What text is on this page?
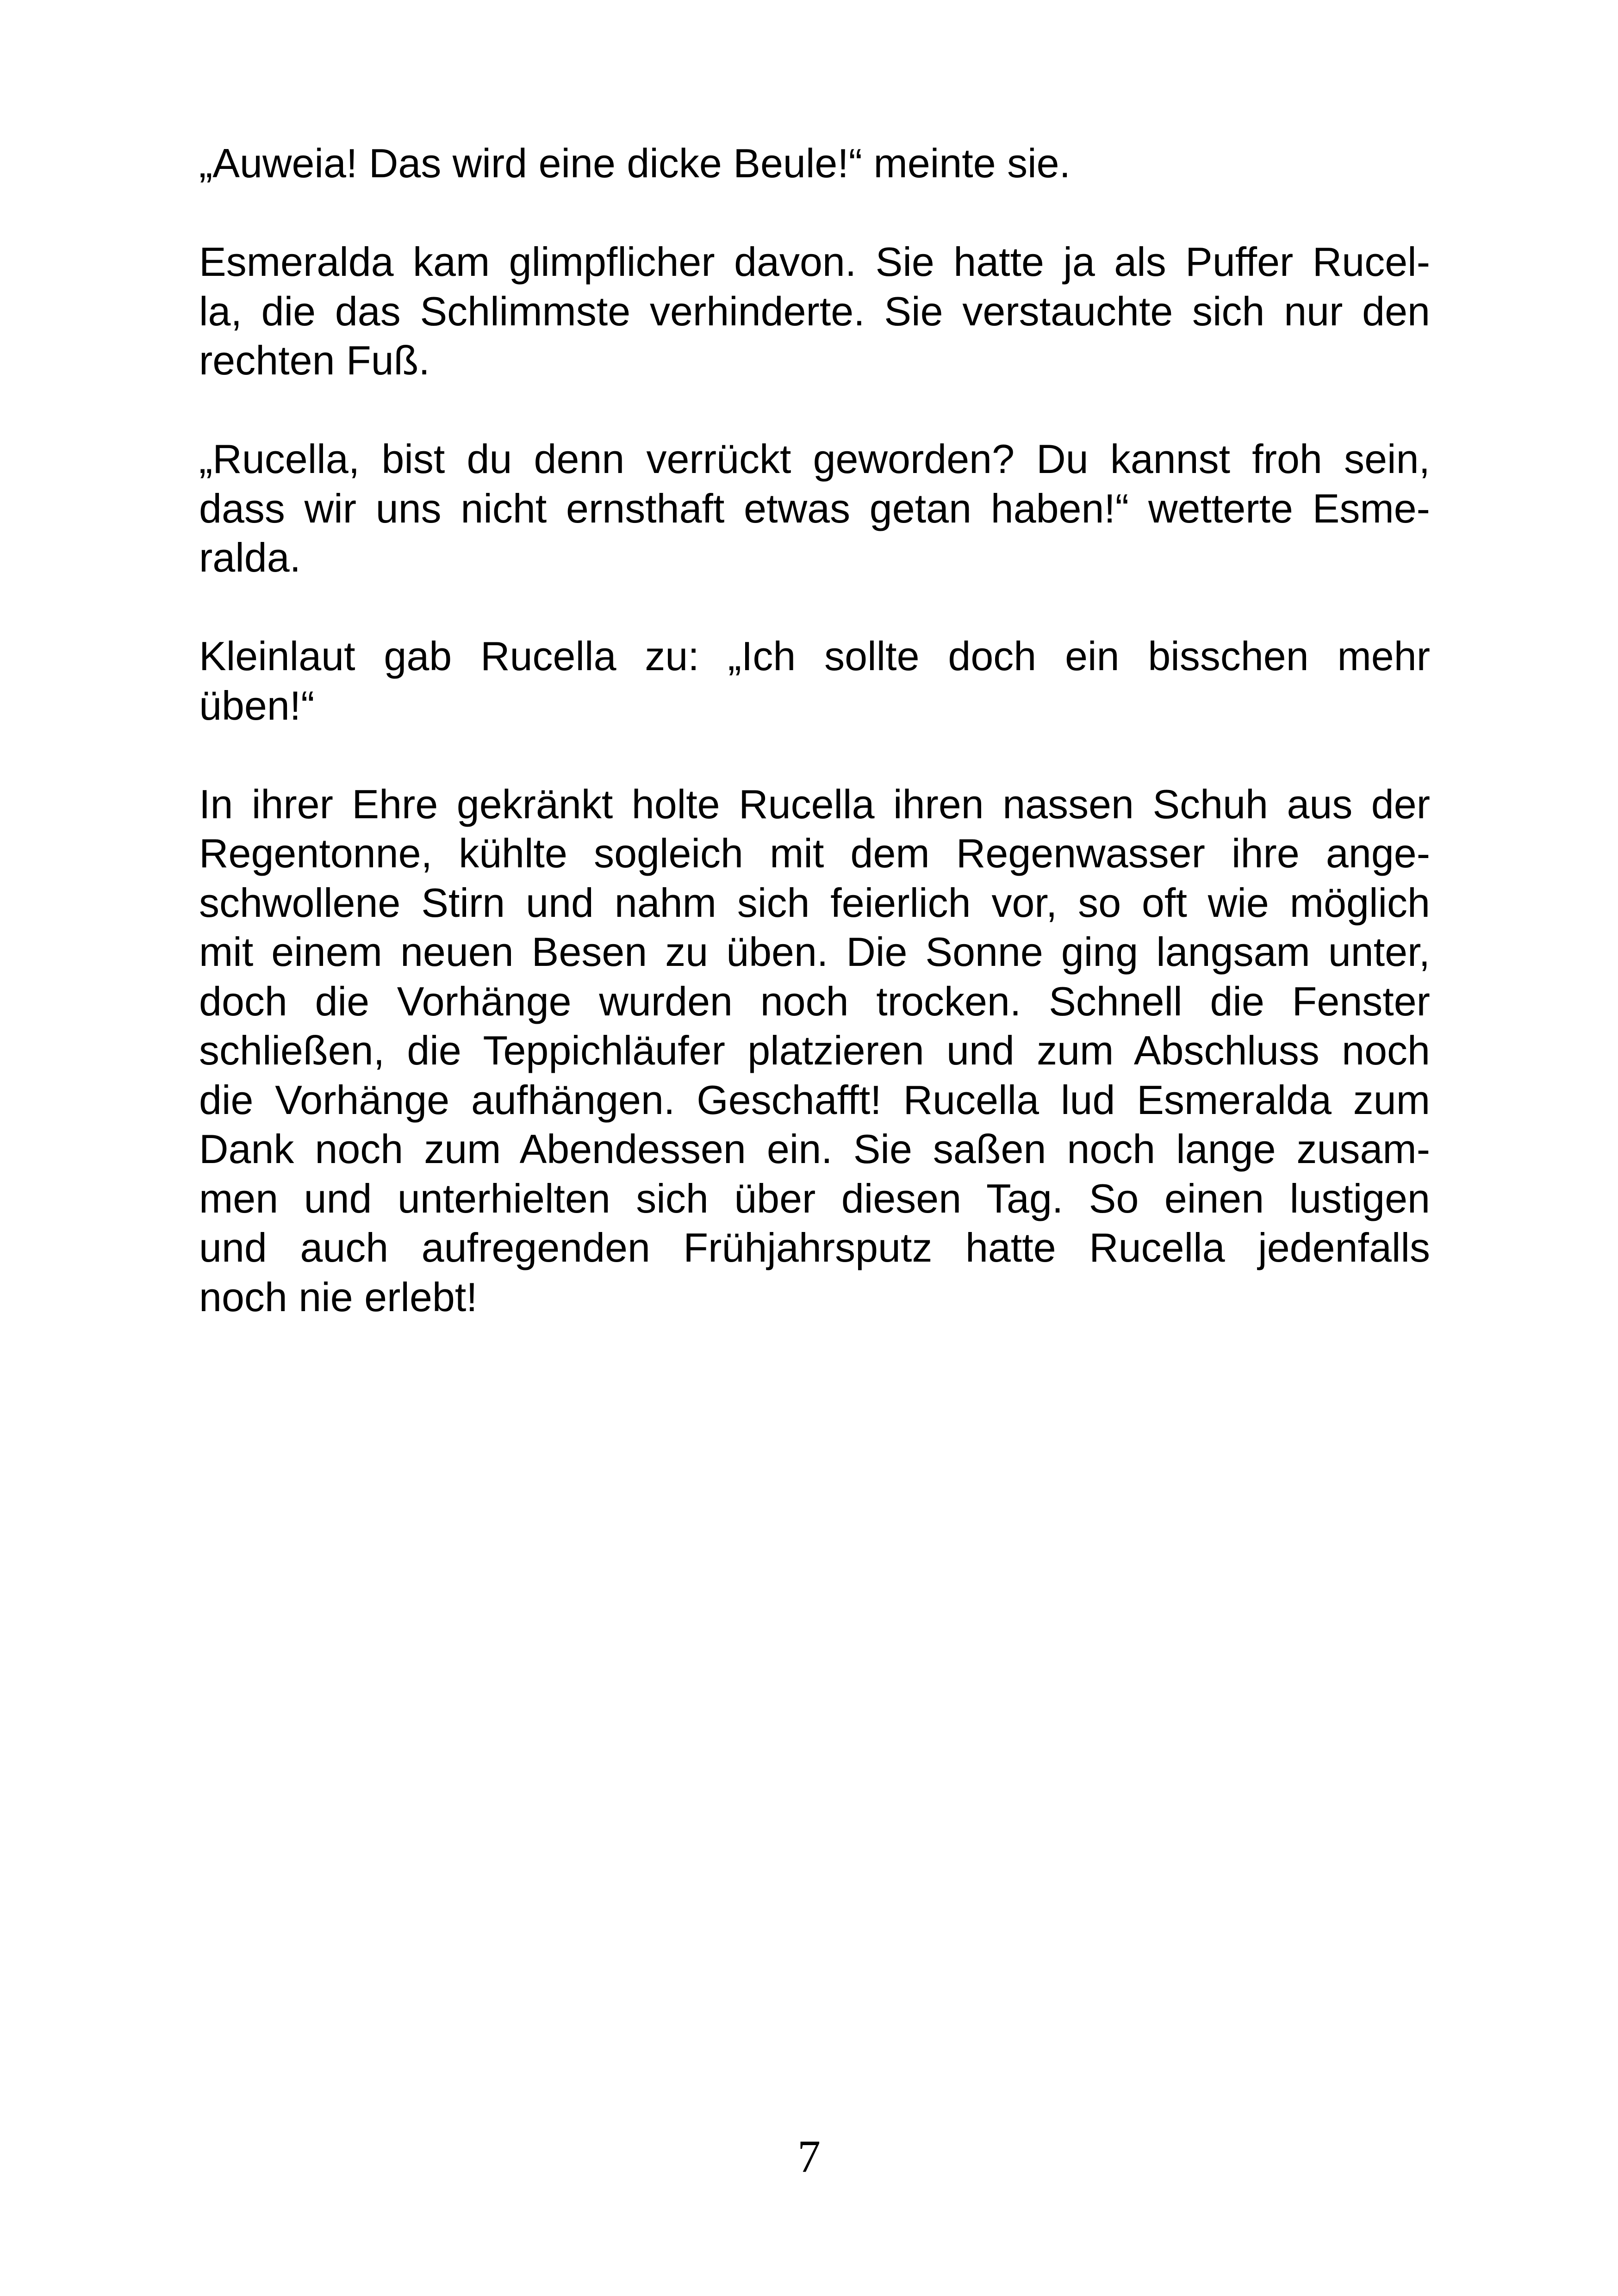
„Auweia! Das wird eine dicke Beule!“ meinte sie.
Esmeralda kam glimpflicher davon. Sie hatte ja als Puffer Rucel-
la, die das Schlimmste verhinderte. Sie verstauchte sich nur den
rechten Fuß.
„Rucella, bist du denn verrückt geworden? Du kannst froh sein,
dass wir uns nicht ernsthaft etwas getan haben!“ wetterte Esme-
ralda.
Kleinlaut gab Rucella zu: „Ich sollte doch ein bisschen mehr
üben!“
In ihrer Ehre gekränkt holte Rucella ihren nassen Schuh aus der
Regentonne, kühlte sogleich mit dem Regenwasser ihre ange-
schwollene Stirn und nahm sich feierlich vor, so oft wie möglich
mit einem neuen Besen zu üben. Die Sonne ging langsam unter,
doch die Vorhänge wurden noch trocken. Schnell die Fenster
schließen, die Teppichläufer platzieren und zum Abschluss noch
die Vorhänge aufhängen. Geschafft! Rucella lud Esmeralda zum
Dank noch zum Abendessen ein. Sie saßen noch lange zusam-
men und unterhielten sich über diesen Tag. So einen lustigen
und auch aufregenden Frühjahrsputz hatte Rucella jedenfalls
noch nie erlebt!
7
